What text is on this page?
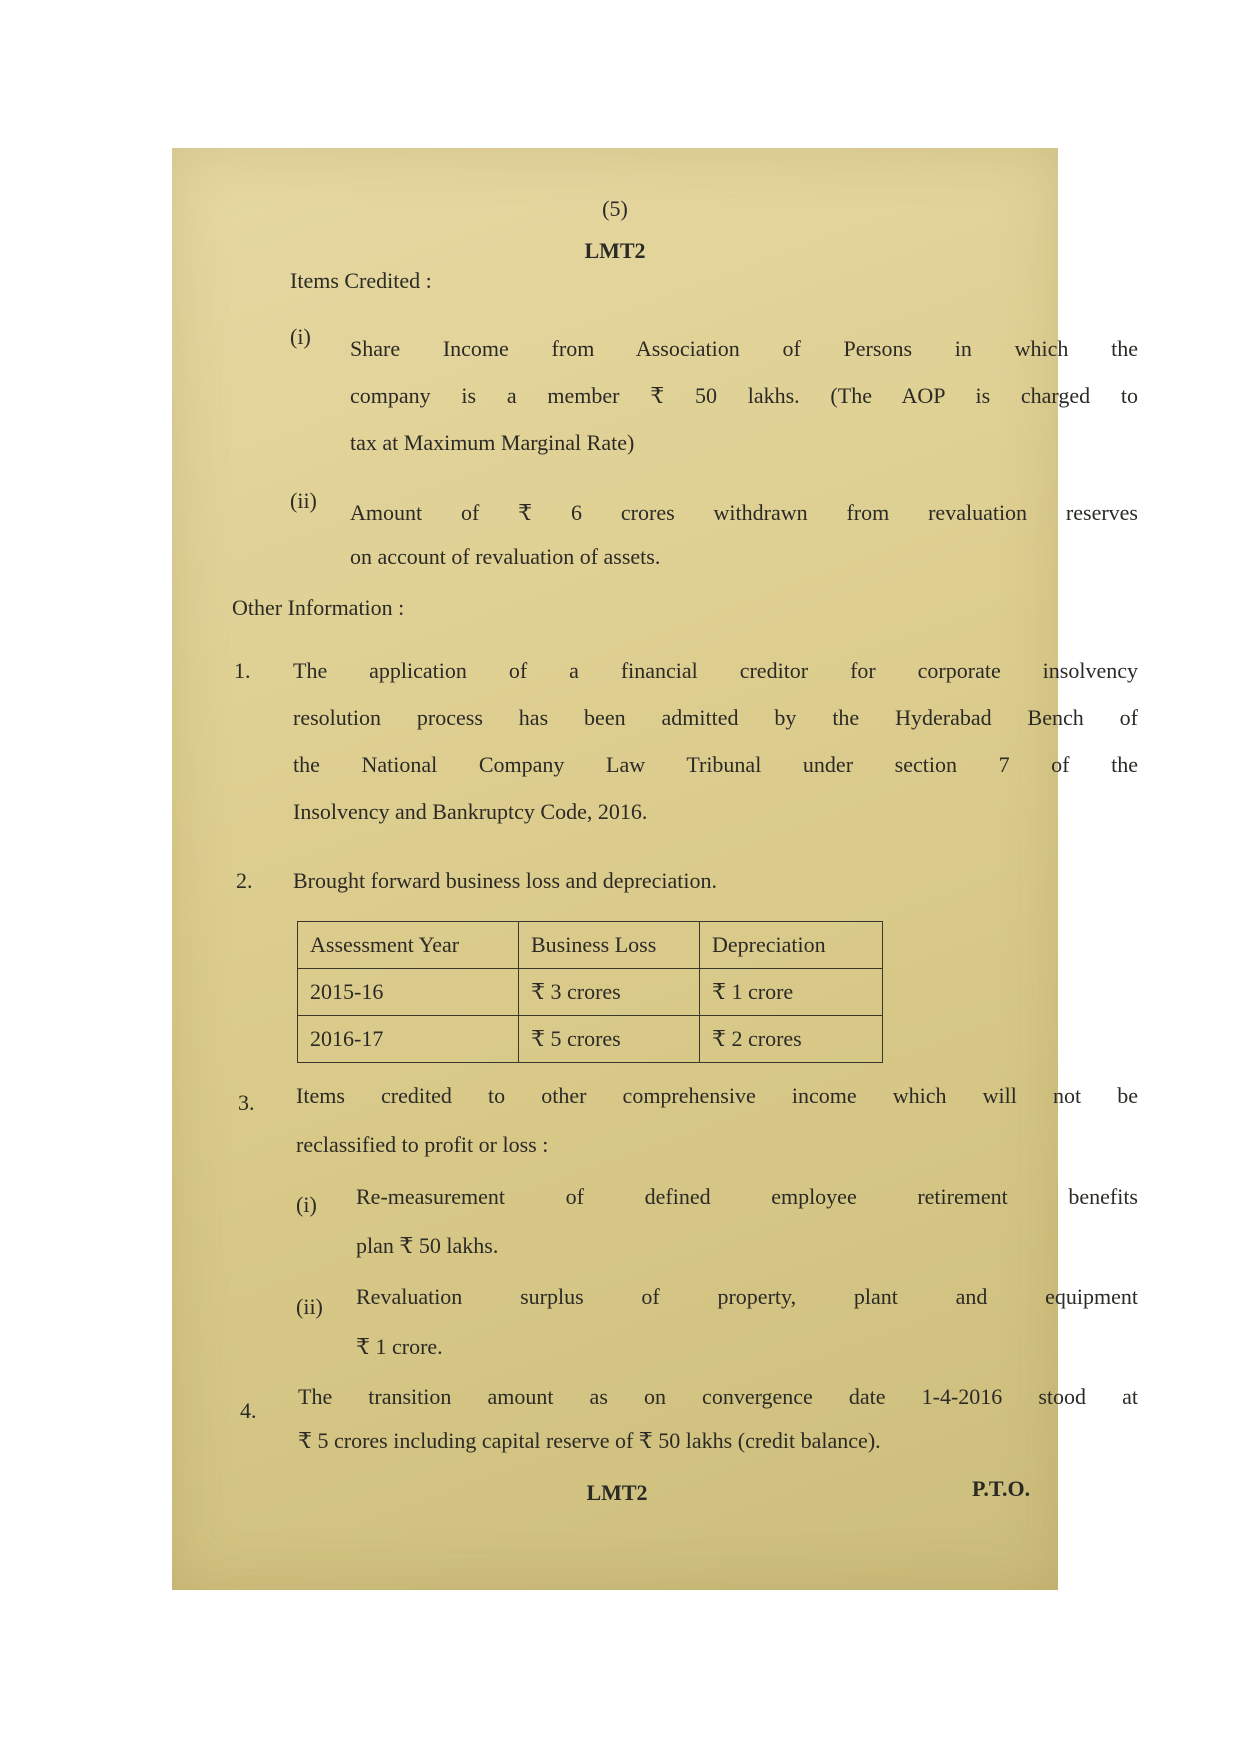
(5)
LMT2
Items Credited :
(i) Share Income from Association of Persons in which the
company is a member ₹ 50 lakhs. (The AOP is charged to
tax at Maximum Marginal Rate)
(ii) Amount of ₹ 6 crores withdrawn from revaluation reserves
on account of revaluation of assets.
Other Information :
1. The application of a financial creditor for corporate insolvency
resolution process has been admitted by the Hyderabad Bench of
the National Company Law Tribunal under section 7 of the
Insolvency and Bankruptcy Code, 2016.
2. Brought forward business loss and depreciation.
Assessment Year	Business Loss	Depreciation
2015-16	₹ 3 crores	₹ 1 crore
2016-17	₹ 5 crores	₹ 2 crores
3. Items credited to other comprehensive income which will not be
reclassified to profit or loss :
(i) Re-measurement of defined employee retirement benefits
plan ₹ 50 lakhs.
(ii) Revaluation surplus of property, plant and equipment
₹ 1 crore.
4.
The transition amount as on convergence date 1-4-2016 stood at
₹ 5 crores including capital reserve of ₹ 50 lakhs (credit balance).
LMT2	P.T.O.
